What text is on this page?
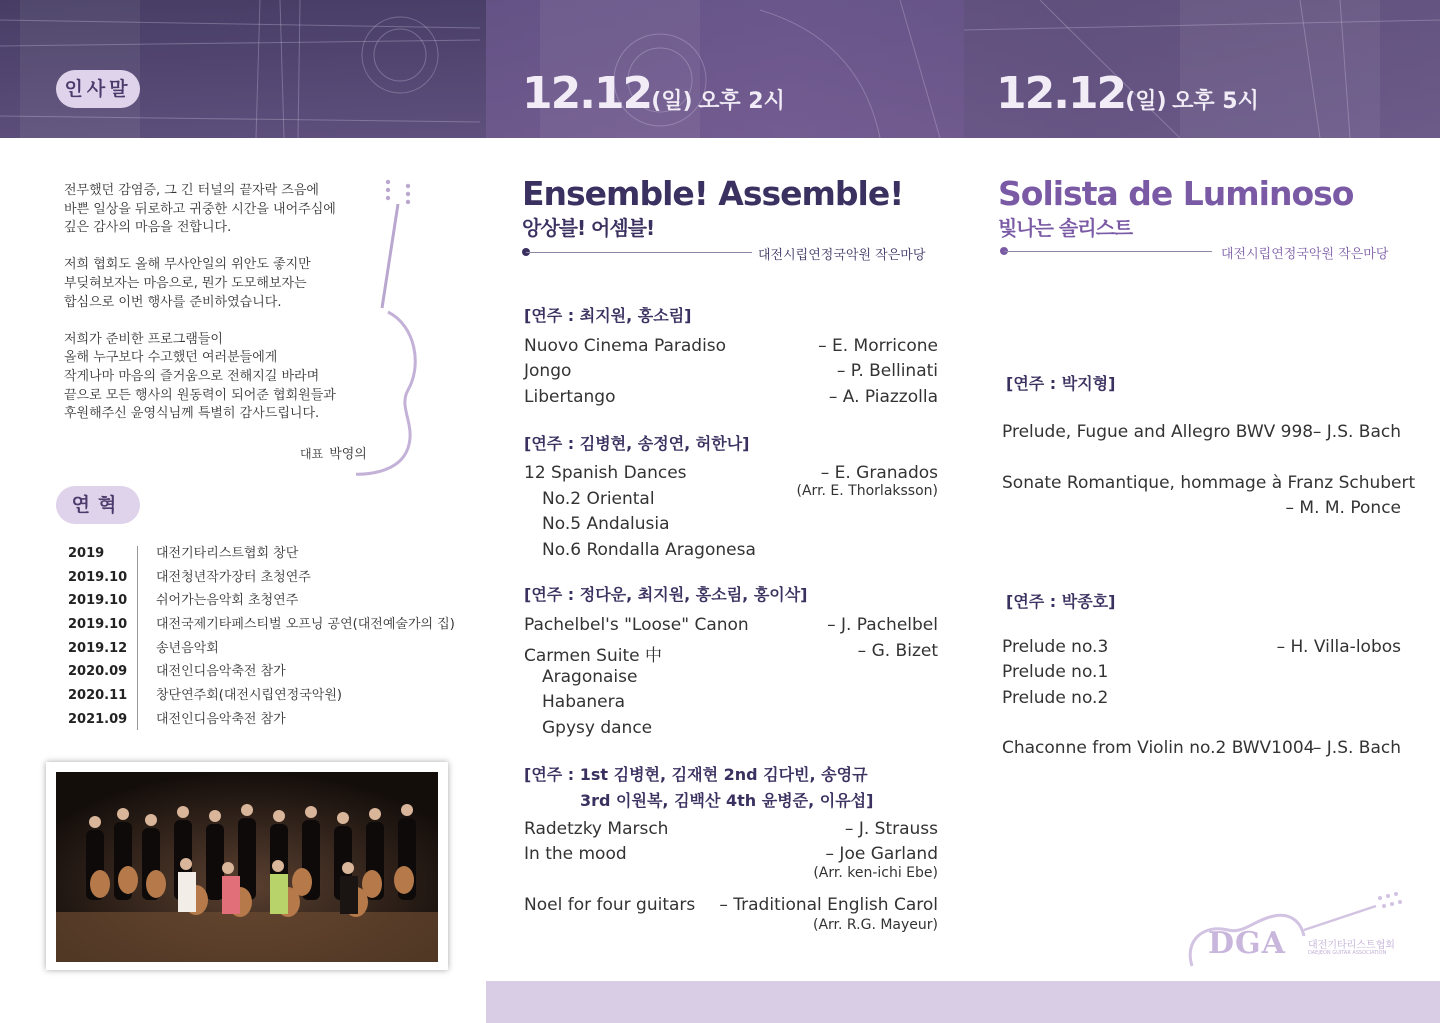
인사말	12.12(일) 오후 2시	12.12(일) 오후 5시

전무했던 감염증, 그 긴 터널의 끝자락 즈음에
바쁜 일상을 뒤로하고 귀중한 시간을 내어주심에
깊은 감사의 마음을 전합니다.

저희 협회도 올해 무사안일의 위안도 좋지만
부딪혀보자는 마음으로, 뭔가 도모해보자는
합심으로 이번 행사를 준비하였습니다.

저희가 준비한 프로그램들이
올해 누구보다 수고했던 여러분들에게
작게나마 마음의 즐거움으로 전해지길 바라며
끝으로 모든 행사의 원동력이 되어준 협회원들과
후원해주신 윤영식님께 특별히 감사드립니다.

대표 박영의
연혁
2019	대전기타리스트협회 창단
2019.10	대전청년작가장터 초청연주
2019.10	쉬어가는음악회 초청연주
2019.10	대전국제기타페스티벌 오프닝 공연(대전예술가의 집)
2019.12	송년음악회
2020.09	대전인디음악축전 참가
2020.11	창단연주회(대전시립연정국악원)
2021.09	대전인디음악축전 참가
Ensemble! Assemble!
앙상블! 어셈블!
대전시립연정국악원 작은마당
[연주 : 최지원, 홍소림]
Nuovo Cinema Paradiso	– E. Morricone
Jongo	– P. Bellinati
Libertango	– A. Piazzolla
[연주 : 김병현, 송정연, 허한나]
12 Spanish Dances	– E. Granados
(Arr. E. Thorlaksson)
No.2 Oriental
No.5 Andalusia
No.6 Rondalla Aragonesa
[연주 : 정다운, 최지원, 홍소림, 홍이삭]
Pachelbel's "Loose" Canon	– J. Pachelbel
Carmen Suite 中	– G. Bizet
Aragonaise
Habanera
Gpysy dance
[연주 : 1st 김병현, 김재현 2nd 김다빈, 송영규
3rd 이원복, 김백산 4th 윤병준, 이유섭]
Radetzky Marsch	– J. Strauss
In the mood	– Joe Garland
(Arr. ken-ichi Ebe)
Noel for four guitars – Traditional English Carol
(Arr. R.G. Mayeur)
Solista de Luminoso
빛나는 솔리스트
대전시립연정국악원 작은마당
[연주 : 박지형]
Prelude, Fugue and Allegro BWV 998 – J.S. Bach
Sonate Romantique, hommage à Franz Schubert
– M. M. Ponce
[연주 : 박종호]
Prelude no.3	– H. Villa-lobos
Prelude no.1
Prelude no.2
Chaconne from Violin no.2 BWV1004
– J.S. Bach
DGA 대전기타리스트협회
DAEJEON GUITAR ASSOCIATION
